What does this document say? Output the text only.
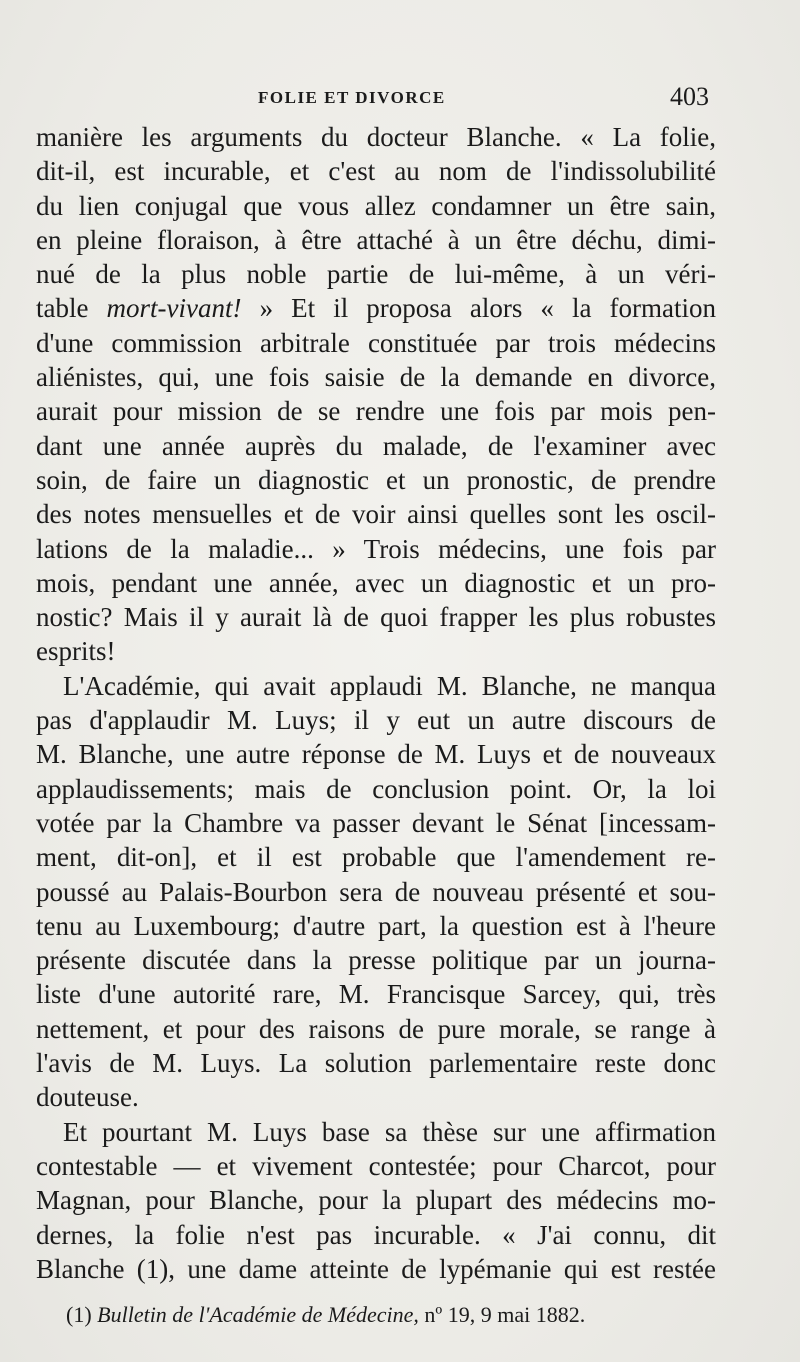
FOLIE ET DIVORCE	403
manière les arguments du docteur Blanche. « La folie,
dit-il, est incurable, et c'est au nom de l'indissolubilité
du lien conjugal que vous allez condamner un être sain,
en pleine floraison, à être attaché à un être déchu, dimi-
nué de la plus noble partie de lui-même, à un véri-
table mort-vivant! » Et il proposa alors « la formation
d'une commission arbitrale constituée par trois médecins
aliénistes, qui, une fois saisie de la demande en divorce,
aurait pour mission de se rendre une fois par mois pen-
dant une année auprès du malade, de l'examiner avec
soin, de faire un diagnostic et un pronostic, de prendre
des notes mensuelles et de voir ainsi quelles sont les oscil-
lations de la maladie... » Trois médecins, une fois par
mois, pendant une année, avec un diagnostic et un pro-
nostic? Mais il y aurait là de quoi frapper les plus robustes
esprits!
L'Académie, qui avait applaudi M. Blanche, ne manqua
pas d'applaudir M. Luys; il y eut un autre discours de
M. Blanche, une autre réponse de M. Luys et de nouveaux
applaudissements; mais de conclusion point. Or, la loi
votée par la Chambre va passer devant le Sénat [incessam-
ment, dit-on], et il est probable que l'amendement re-
poussé au Palais-Bourbon sera de nouveau présenté et sou-
tenu au Luxembourg; d'autre part, la question est à l'heure
présente discutée dans la presse politique par un journa-
liste d'une autorité rare, M. Francisque Sarcey, qui, très
nettement, et pour des raisons de pure morale, se range à
l'avis de M. Luys. La solution parlementaire reste donc
douteuse.
Et pourtant M. Luys base sa thèse sur une affirmation
contestable — et vivement contestée; pour Charcot, pour
Magnan, pour Blanche, pour la plupart des médecins mo-
dernes, la folie n'est pas incurable. « J'ai connu, dit
Blanche (1), une dame atteinte de lypémanie qui est restée
(1) Bulletin de l'Académie de Médecine, nº 19, 9 mai 1882.
